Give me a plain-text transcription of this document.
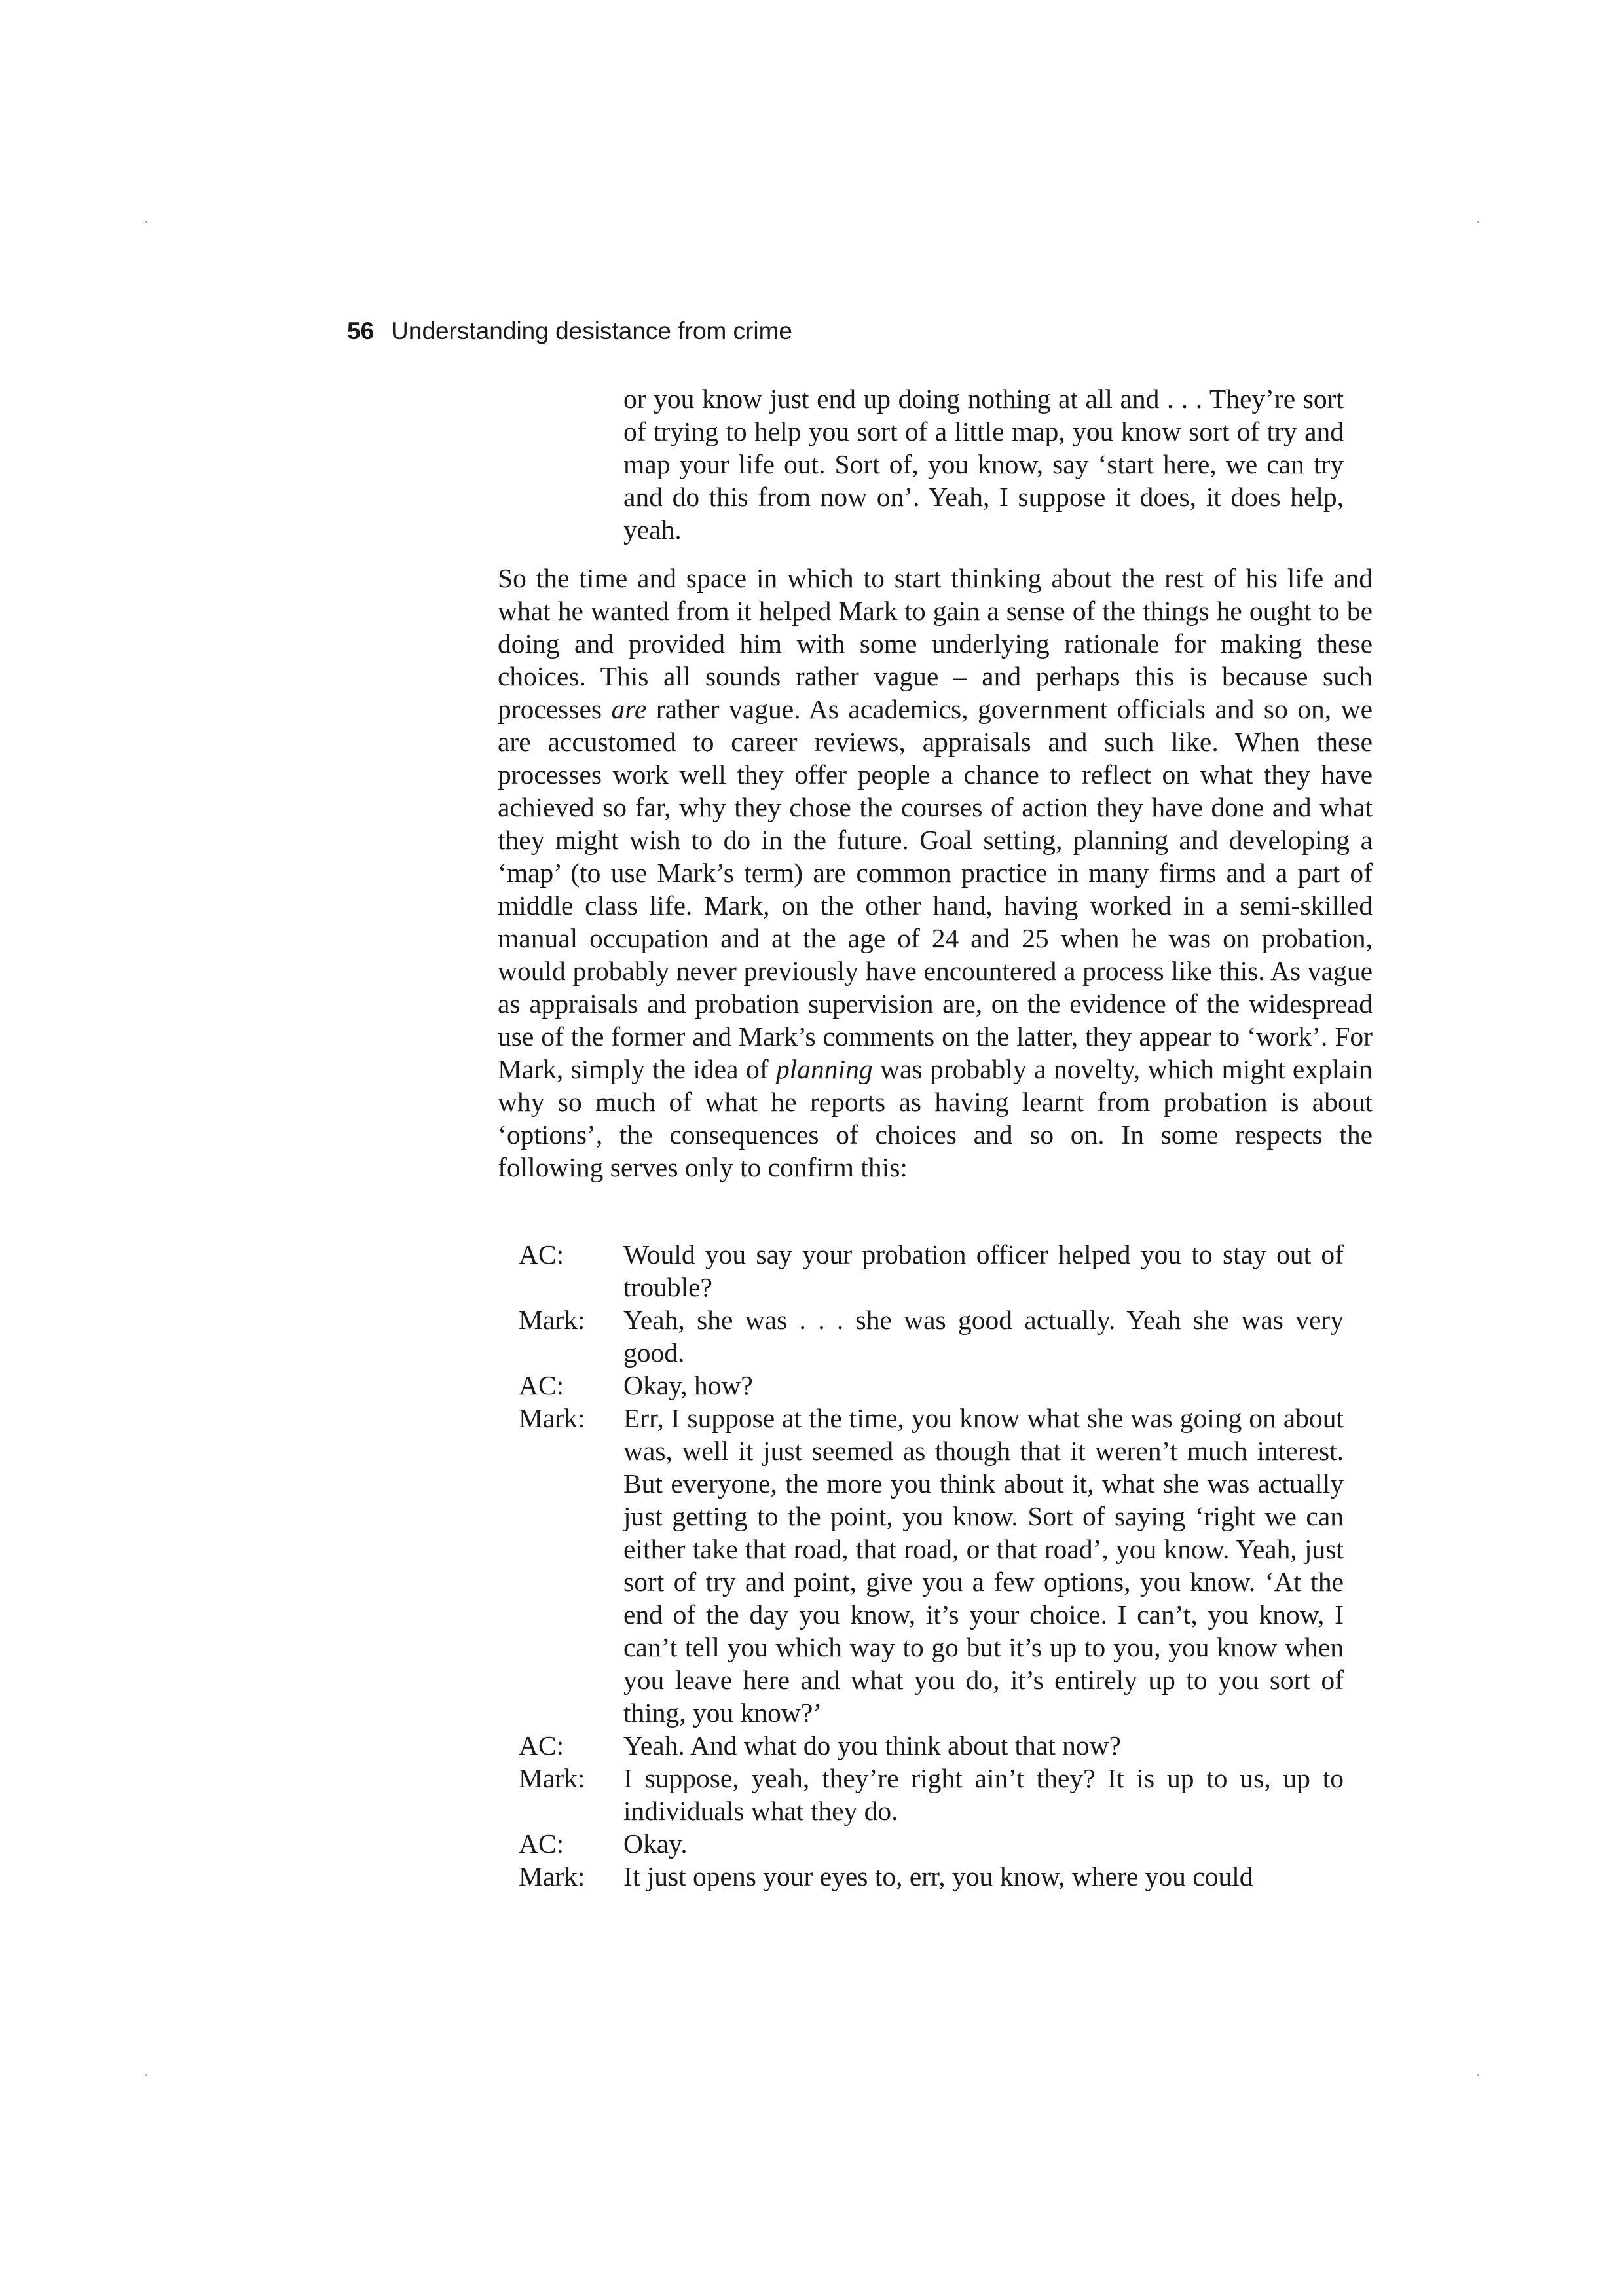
56 Understanding desistance from crime

or you know just end up doing nothing at all and . . . They’re sort of trying to help you sort of a little map, you know sort of try and map your life out. Sort of, you know, say ‘start here, we can try and do this from now on’. Yeah, I suppose it does, it does help, yeah.

So the time and space in which to start thinking about the rest of his life and what he wanted from it helped Mark to gain a sense of the things he ought to be doing and provided him with some underlying rationale for making these choices. This all sounds rather vague – and perhaps this is because such processes are rather vague. As academics, government officials and so on, we are accustomed to career reviews, appraisals and such like. When these processes work well they offer people a chance to reflect on what they have achieved so far, why they chose the courses of action they have done and what they might wish to do in the future. Goal setting, planning and developing a ‘map’ (to use Mark’s term) are common practice in many firms and a part of middle class life. Mark, on the other hand, having worked in a semi-skilled manual occupation and at the age of 24 and 25 when he was on probation, would probably never previously have encountered a process like this. As vague as appraisals and probation supervision are, on the evidence of the widespread use of the former and Mark’s comments on the latter, they appear to ‘work’. For Mark, simply the idea of planning was probably a novelty, which might explain why so much of what he reports as having learnt from probation is about ‘options’, the consequences of choices and so on. In some respects the following serves only to confirm this:

AC:	Would you say your probation officer helped you to stay out of trouble?
Mark:	Yeah, she was . . . she was good actually. Yeah she was very good.
AC:	Okay, how?
Mark:	Err, I suppose at the time, you know what she was going on about was, well it just seemed as though that it weren’t much interest. But everyone, the more you think about it, what she was actually just getting to the point, you know. Sort of saying ‘right we can either take that road, that road, or that road’, you know. Yeah, just sort of try and point, give you a few options, you know. ‘At the end of the day you know, it’s your choice. I can’t, you know, I can’t tell you which way to go but it’s up to you, you know when you leave here and what you do, it’s entirely up to you sort of thing, you know?’
AC:	Yeah. And what do you think about that now?
Mark:	I suppose, yeah, they’re right ain’t they? It is up to us, up to individuals what they do.
AC:	Okay.
Mark:	It just opens your eyes to, err, you know, where you could
